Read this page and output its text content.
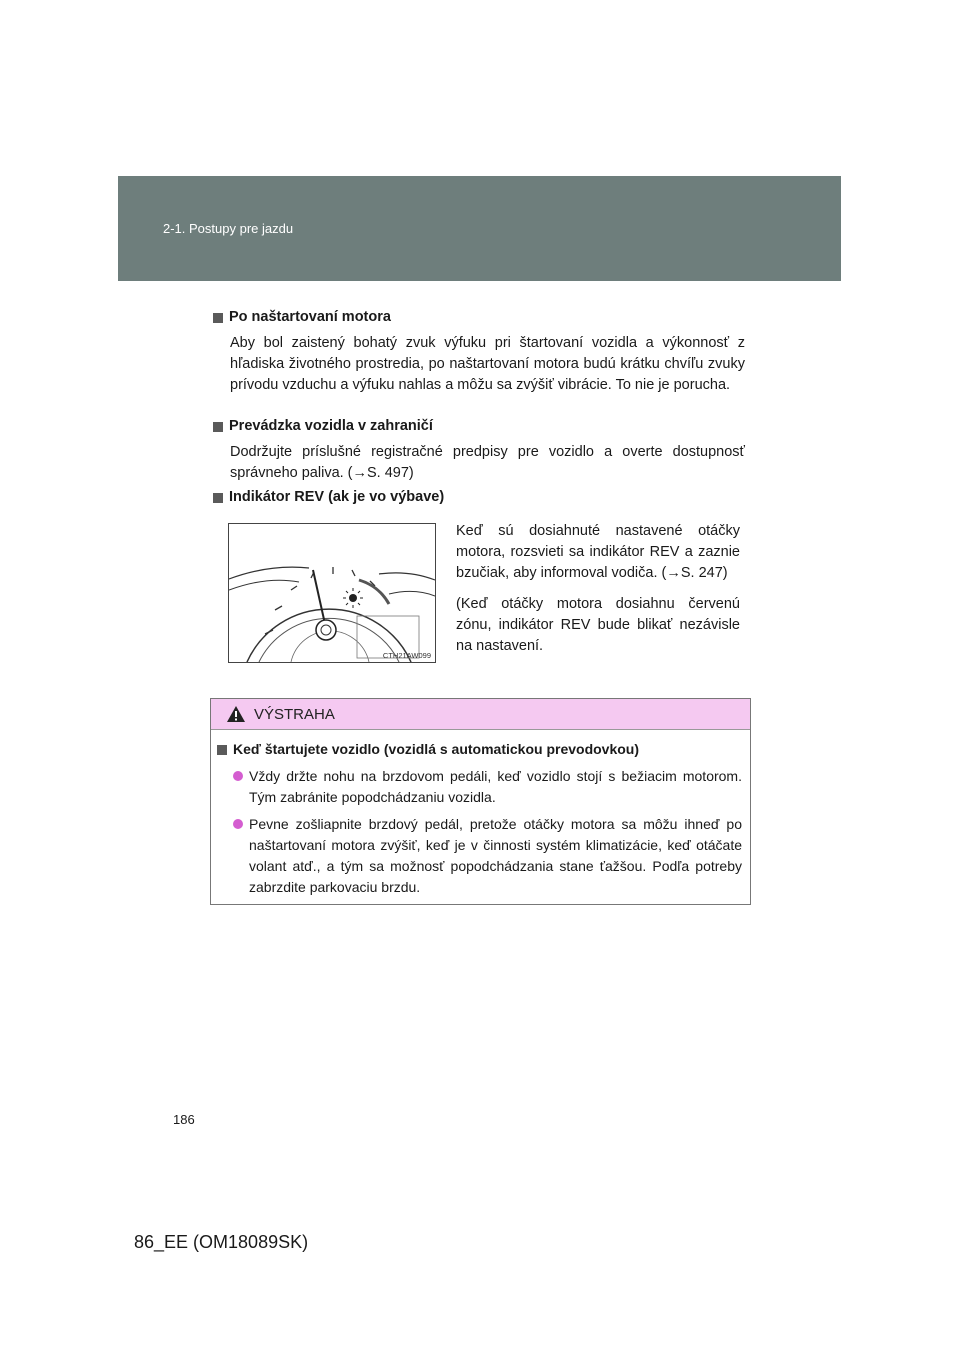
2-1. Postupy pre jazdu
Po naštartovaní motora
Aby bol zaistený bohatý zvuk výfuku pri štartovaní vozidla a výkonnosť z hľadiska životného prostredia, po naštartovaní motora budú krátku chvíľu zvuky prívodu vzduchu a výfuku nahlas a môžu sa zvýšiť vibrácie. To nie je porucha.
Prevádzka vozidla v zahraničí
Dodržujte príslušné registračné predpisy pre vozidlo a overte dostupnosť správneho paliva. (→S. 497)
Indikátor REV (ak je vo výbave)
CTH21AW099

Keď sú dosiahnuté nastavené otáčky motora, rozsvieti sa indikátor REV a zaznie bzučiak, aby informoval vodiča. (→S. 247)

(Keď otáčky motora dosiahnu červenú zónu, indikátor REV bude blikať nezávisle na nastavení.

VÝSTRAHA
Keď štartujete vozidlo (vozidlá s automatickou prevodovkou)
Vždy držte nohu na brzdovom pedáli, keď vozidlo stojí s bežiacim motorom. Tým zabránite popodchádzaniu vozidla.
Pevne zošliapnite brzdový pedál, pretože otáčky motora sa môžu ihneď po naštartovaní motora zvýšiť, keď je v činnosti systém klimatizácie, keď otáčate volant atď., a tým sa možnosť popodchádzania stane ťažšou. Podľa potreby zabrzdite parkovaciu brzdu.
186
86_EE (OM18089SK)
